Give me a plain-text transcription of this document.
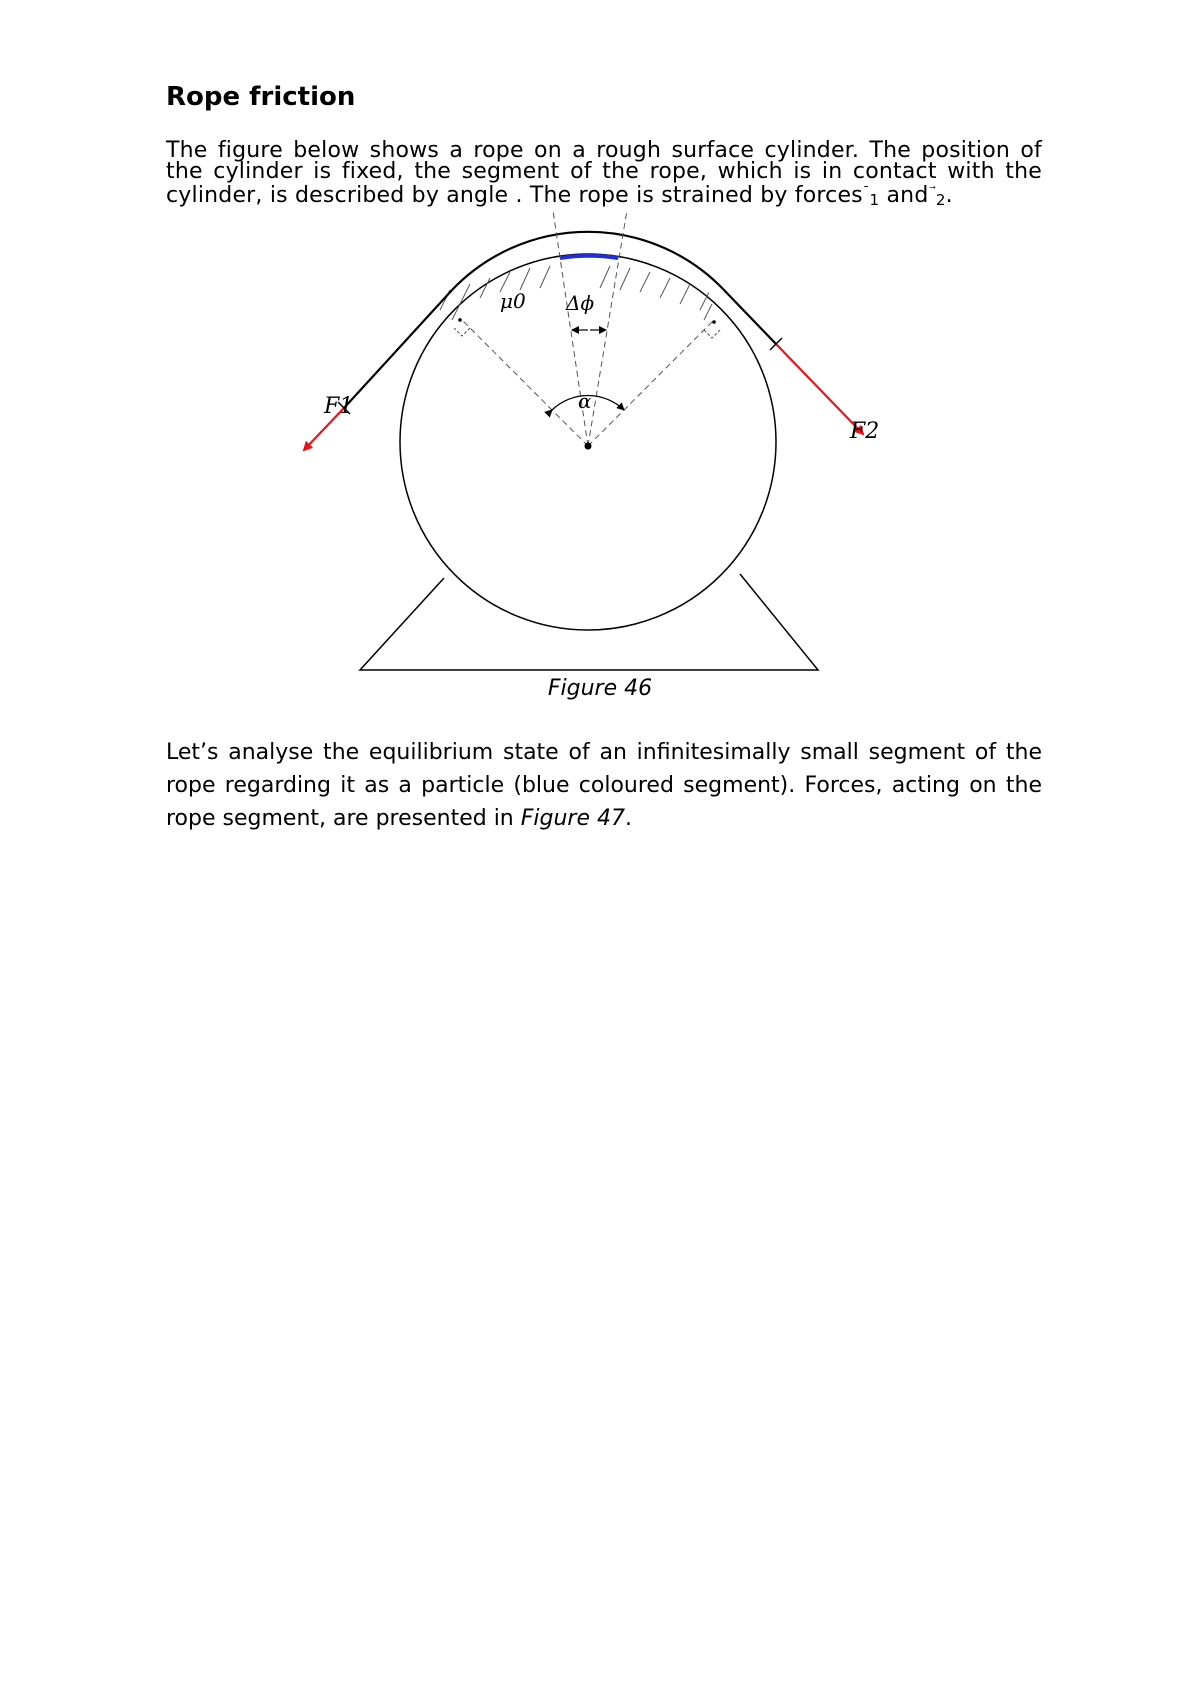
Rope friction
The figure below shows a rope on a rough surface cylinder. The position of the cylinder is fixed, the segment of the rope, which is in contact with the cylinder, is described by angle . The rope is strained by forces¯$_1$ and ⃗$_2$.
F1
F2
μ0 Δϕ
α
Figure 46
Let’s analyse the equilibrium state of an infinitesimally small segment of the rope regarding it as a particle (blue coloured segment). Forces, acting on the rope segment, are presented in Figure 47.
